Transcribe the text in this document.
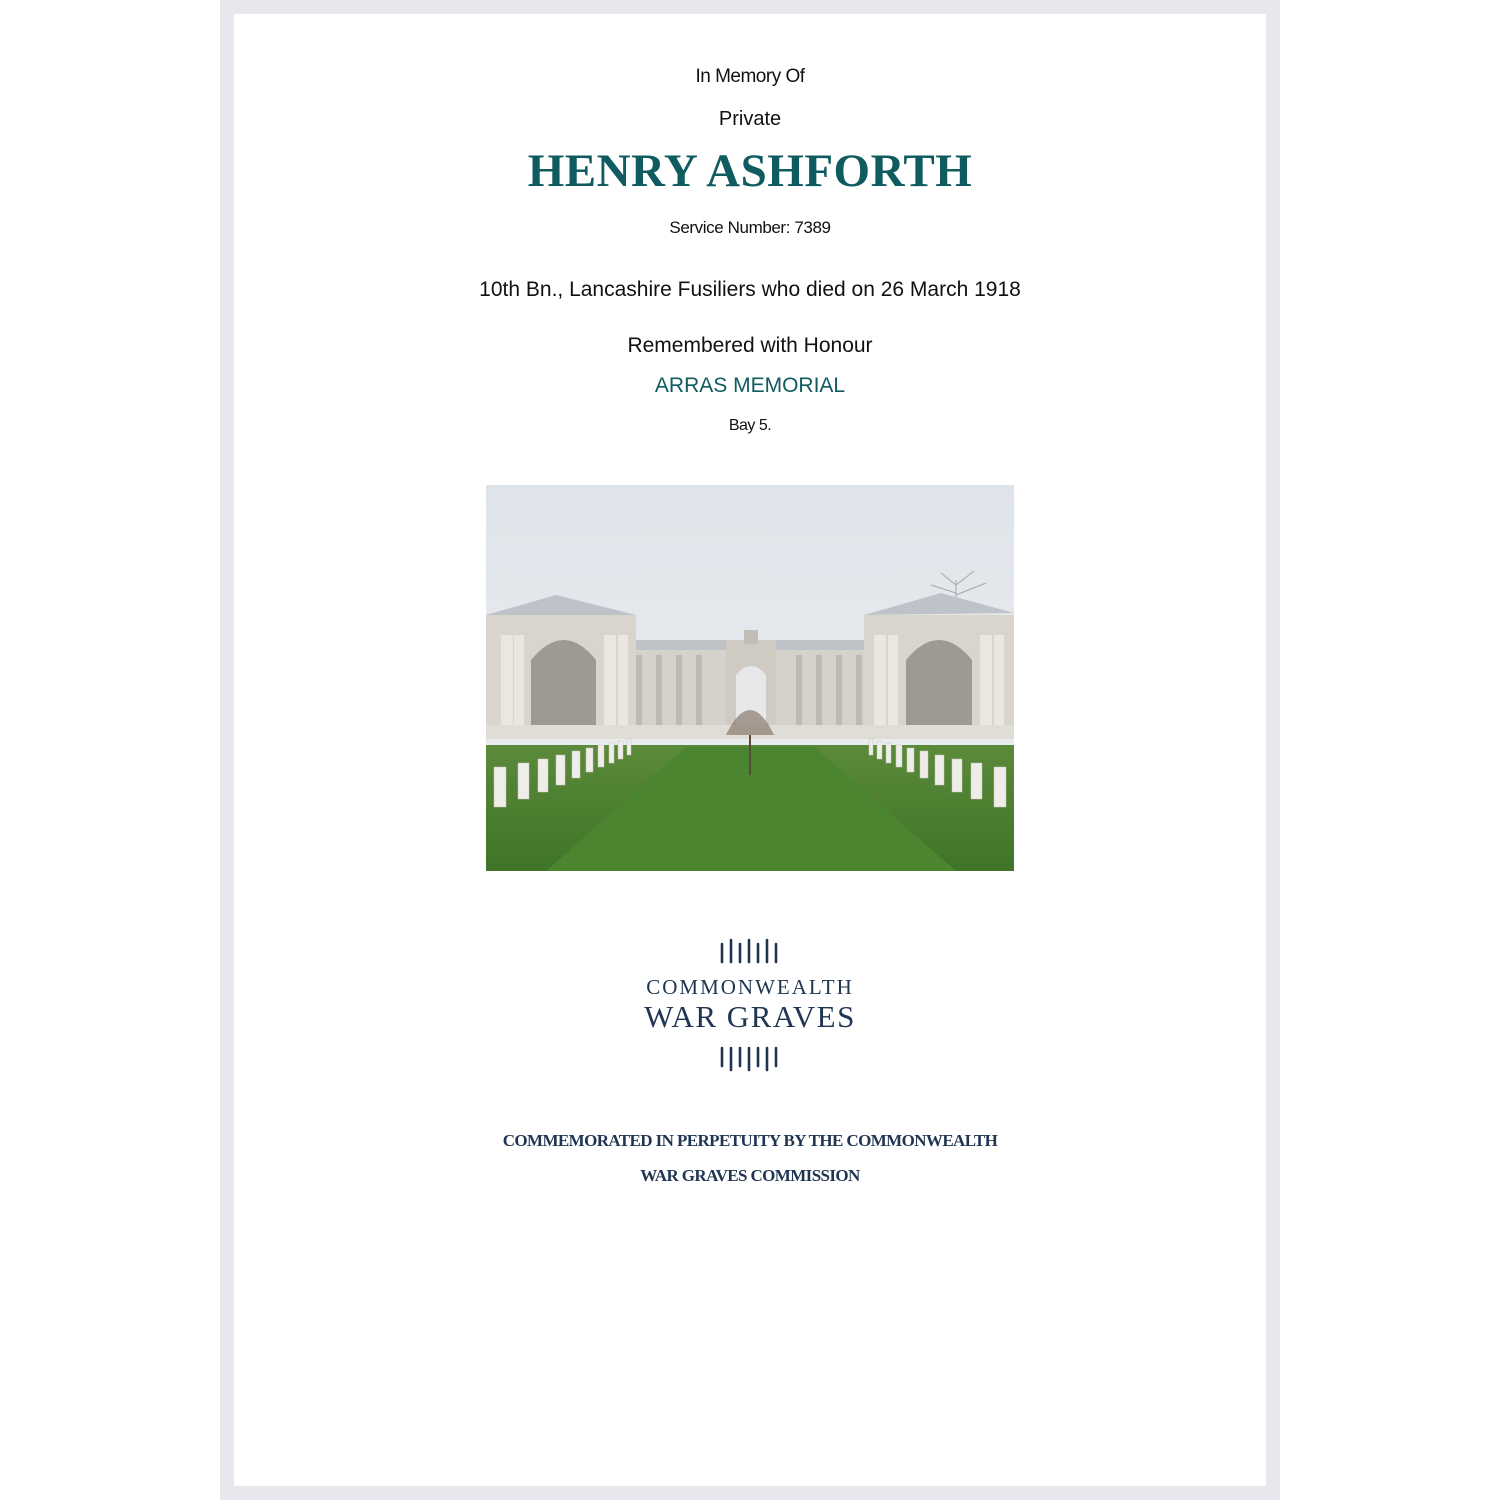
In Memory Of
Private
HENRY ASHFORTH
Service Number: 7389
10th Bn., Lancashire Fusiliers who died on 26 March 1918
Remembered with Honour
ARRAS MEMORIAL
Bay 5.
COMMONWEALTH
WAR GRAVES
COMMEMORATED IN PERPETUITY BY THE COMMONWEALTH
WAR GRAVES COMMISSION
